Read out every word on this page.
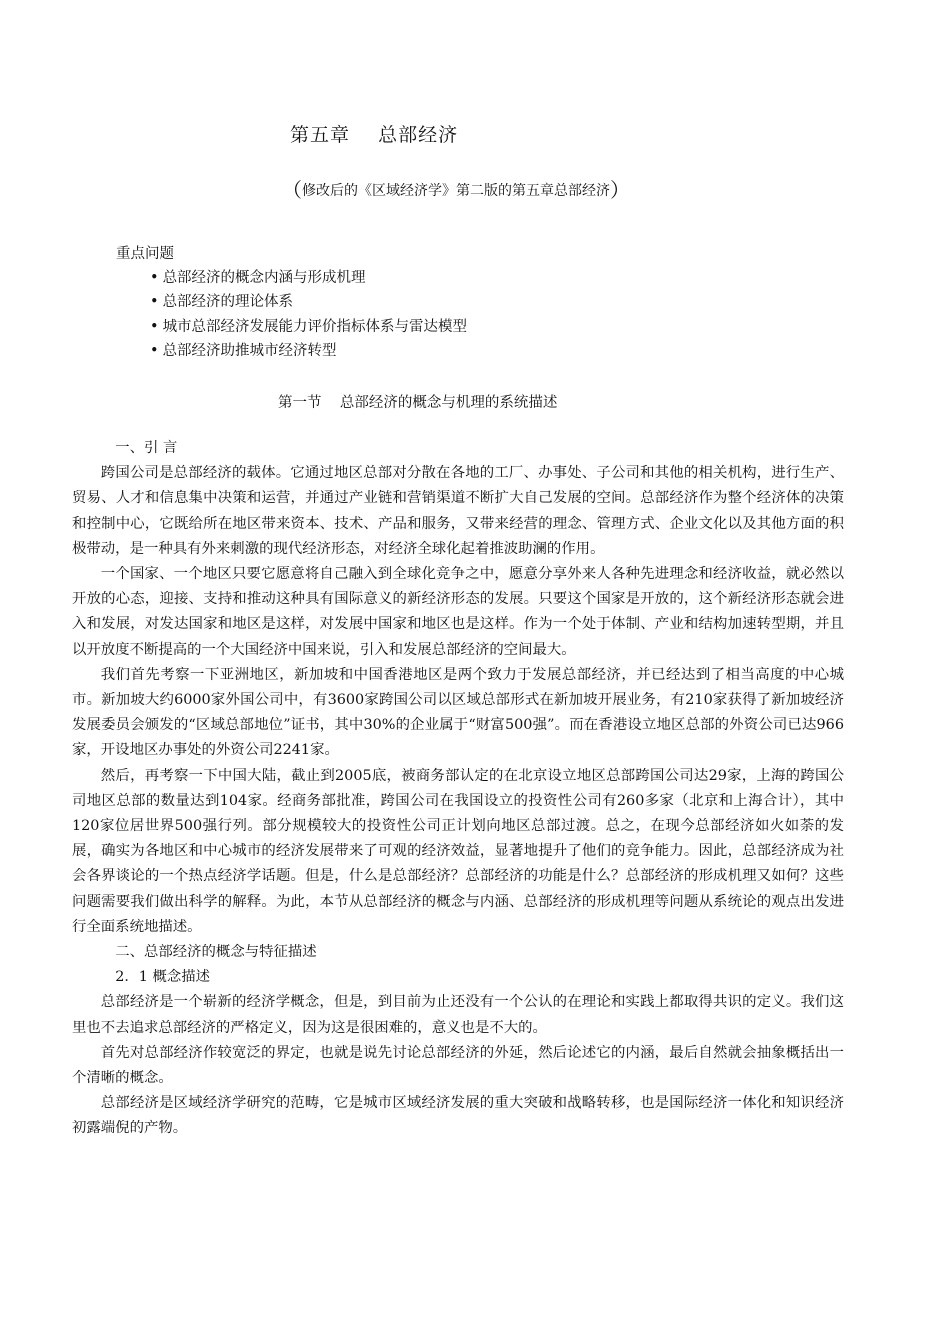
第五章    总部经济
（修改后的《区域经济学》第二版的第五章总部经济）
重点问题
• 总部经济的概念内涵与形成机理
• 总部经济的理论体系
• 城市总部经济发展能力评价指标体系与雷达模型
• 总部经济助推城市经济转型
第一节    总部经济的概念与机理的系统描述

一、引 言

跨国公司是总部经济的载体。它通过地区总部对分散在各地的工厂、办事处、子公司和其他的相关机构，进行生产、贸易、人才和信息集中决策和运营，并通过产业链和营销渠道不断扩大自己发展的空间。总部经济作为整个经济体的决策和控制中心，它既给所在地区带来资本、技术、产品和服务，又带来经营的理念、管理方式、企业文化以及其他方面的积极带动，是一种具有外来刺激的现代经济形态，对经济全球化起着推波助澜的作用。

一个国家、一个地区只要它愿意将自己融入到全球化竞争之中，愿意分享外来人各种先进理念和经济收益，就必然以开放的心态，迎接、支持和推动这种具有国际意义的新经济形态的发展。只要这个国家是开放的，这个新经济形态就会进入和发展，对发达国家和地区是这样，对发展中国家和地区也是这样。作为一个处于体制、产业和结构加速转型期，并且以开放度不断提高的一个大国经济中国来说，引入和发展总部经济的空间最大。

我们首先考察一下亚洲地区，新加坡和中国香港地区是两个致力于发展总部经济，并已经达到了相当高度的中心城市。新加坡大约6000家外国公司中，有3600家跨国公司以区域总部形式在新加坡开展业务，有210家获得了新加坡经济发展委员会颁发的“区域总部地位”证书，其中30%的企业属于“财富500强”。而在香港设立地区总部的外资公司已达966家，开设地区办事处的外资公司2241家。

然后，再考察一下中国大陆，截止到2005底，被商务部认定的在北京设立地区总部跨国公司达29家，上海的跨国公司地区总部的数量达到104家。经商务部批准，跨国公司在我国设立的投资性公司有260多家（北京和上海合计），其中120家位居世界500强行列。部分规模较大的投资性公司正计划向地区总部过渡。总之，在现今总部经济如火如荼的发展，确实为各地区和中心城市的经济发展带来了可观的经济效益，显著地提升了他们的竞争能力。因此，总部经济成为社会各界谈论的一个热点经济学话题。但是，什么是总部经济？总部经济的功能是什么？总部经济的形成机理又如何？这些问题需要我们做出科学的解释。为此，本节从总部经济的概念与内涵、总部经济的形成机理等问题从系统论的观点出发进行全面系统地描述。

二、总部经济的概念与特征描述

2．1 概念描述

总部经济是一个崭新的经济学概念，但是，到目前为止还没有一个公认的在理论和实践上都取得共识的定义。我们这里也不去追求总部经济的严格定义，因为这是很困难的，意义也是不大的。

首先对总部经济作较宽泛的界定，也就是说先讨论总部经济的外延，然后论述它的内涵，最后自然就会抽象概括出一个清晰的概念。

总部经济是区域经济学研究的范畴，它是城市区域经济发展的重大突破和战略转移，也是国际经济一体化和知识经济初露端倪的产物。
